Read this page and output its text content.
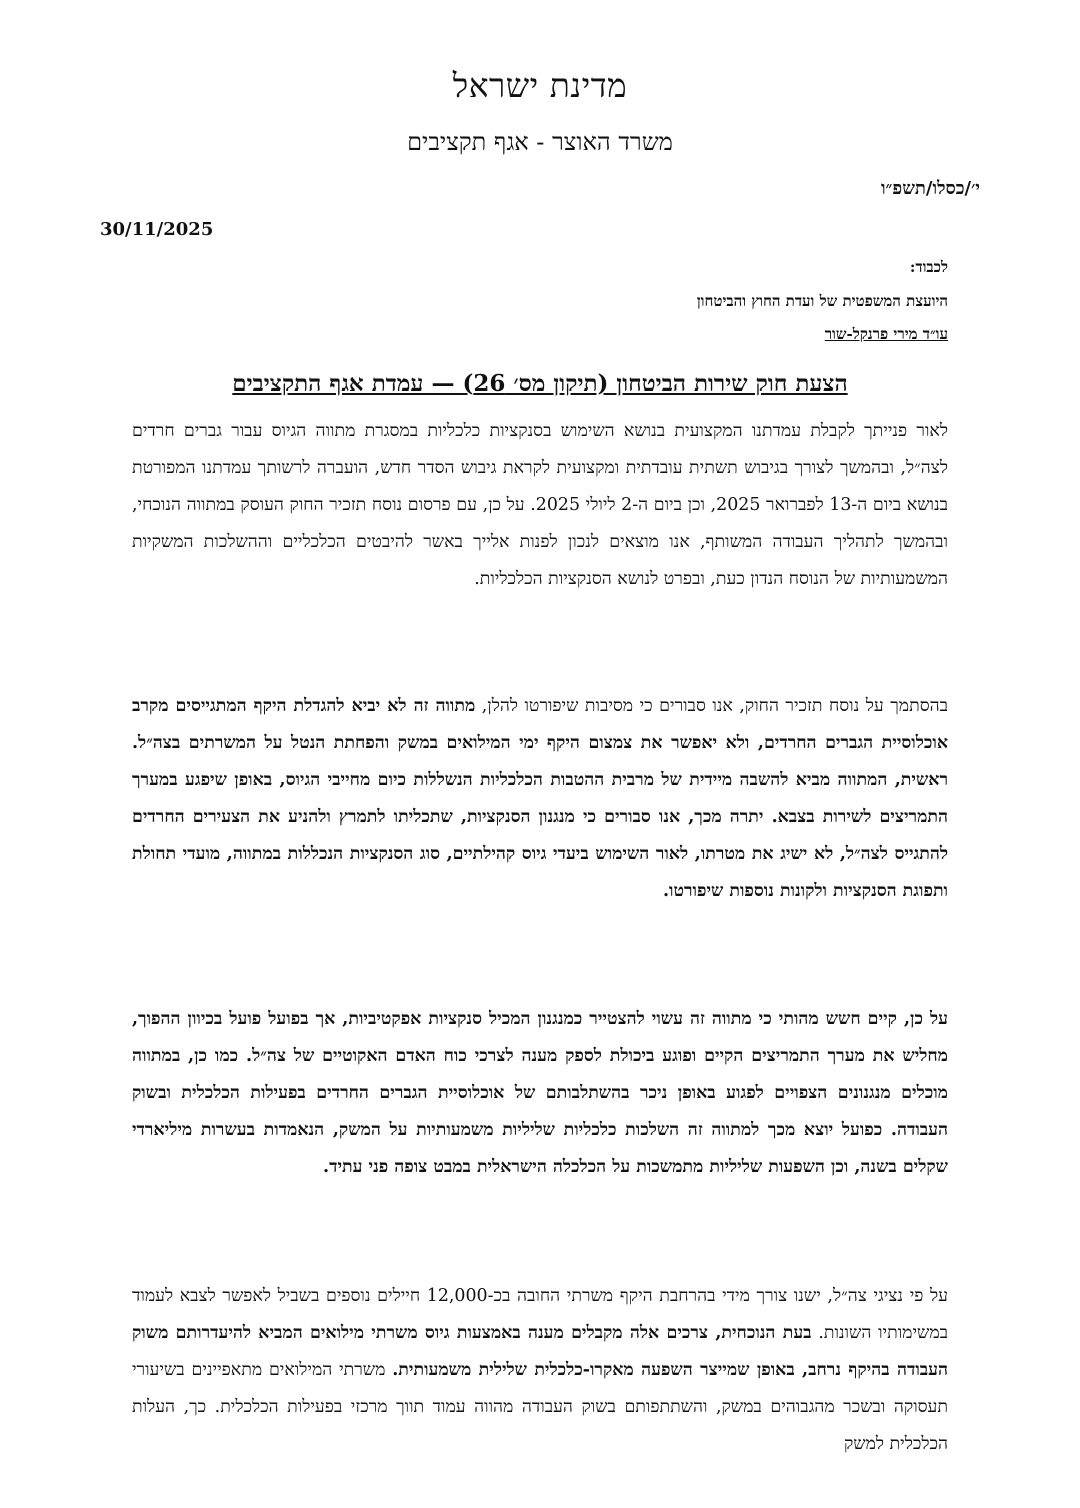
מדינת ישראל
משרד האוצר - אגף תקציבים
י׳/כסלו/תשפ״ו
30/11/2025
לכבוד:
היועצת המשפטית של ועדת החוץ והביטחון
עו״ד מירי פרנקל-שור
הצעת חוק שירות הביטחון (תיקון מס׳ 26) — עמדת אגף התקציבים
לאור פנייתך לקבלת עמדתנו המקצועית בנושא השימוש בסנקציות כלכליות במסגרת מתווה הגיוס עבור גברים חרדים לצה״ל, ובהמשך לצורך בגיבוש תשתית עובדתית ומקצועית לקראת גיבוש הסדר חדש, הועברה לרשותך עמדתנו המפורטת בנושא ביום ה-13 לפברואר 2025, וכן ביום ה-2 ליולי 2025. על כן, עם פרסום נוסח תזכיר החוק העוסק במתווה הנוכחי, ובהמשך לתהליך העבודה המשותף, אנו מוצאים לנכון לפנות אלייך באשר להיבטים הכלכליים וההשלכות המשקיות המשמעותיות של הנוסח הנדון כעת, ובפרט לנושא הסנקציות הכלכליות.
בהסתמך על נוסח תזכיר החוק, אנו סבורים כי מסיבות שיפורטו להלן, מתווה זה לא יביא להגדלת היקף המתגייסים מקרב אוכלוסיית הגברים החרדים, ולא יאפשר את צמצום היקף ימי המילואים במשק והפחתת הנטל על המשרתים בצה״ל. ראשית, המתווה מביא להשבה מיידית של מרבית ההטבות הכלכליות הנשללות כיום מחייבי הגיוס, באופן שיפגע במערך התמריצים לשירות בצבא. יתרה מכך, אנו סבורים כי מנגנון הסנקציות, שתכליתו לתמרץ ולהניע את הצעירים החרדים להתגייס לצה״ל, לא ישיג את מטרתו, לאור השימוש ביעדי גיוס קהילתיים, סוג הסנקציות הנכללות במתווה, מועדי תחולת ותפוגת הסנקציות ולקונות נוספות שיפורטו.
על כן, קיים חשש מהותי כי מתווה זה עשוי להצטייר כמנגנון המכיל סנקציות אפקטיביות, אך בפועל פועל בכיוון ההפוך, מחליש את מערך התמריצים הקיים ופוגע ביכולת לספק מענה לצרכי כוח האדם האקוטיים של צה״ל. כמו כן, במתווה מוכלים מנגנונים הצפויים לפגוע באופן ניכר בהשתלבותם של אוכלוסיית הגברים החרדים בפעילות הכלכלית ובשוק העבודה. כפועל יוצא מכך למתווה זה השלכות כלכליות שליליות משמעותיות על המשק, הנאמדות בעשרות מיליארדי שקלים בשנה, וכן השפעות שליליות מתמשכות על הכלכלה הישראלית במבט צופה פני עתיד.
על פי נציגי צה״ל, ישנו צורך מידי בהרחבת היקף משרתי החובה בכ-12,000 חיילים נוספים בשביל לאפשר לצבא לעמוד במשימותיו השונות. בעת הנוכחית, צרכים אלה מקבלים מענה באמצעות גיוס משרתי מילואים המביא להיעדרותם משוק העבודה בהיקף נרחב, באופן שמייצר השפעה מאקרו-כלכלית שלילית משמעותית. משרתי המילואים מתאפיינים בשיעורי תעסוקה ובשכר מהגבוהים במשק, והשתתפותם בשוק העבודה מהווה עמוד תווך מרכזי בפעילות הכלכלית. כך, העלות הכלכלית למשק
